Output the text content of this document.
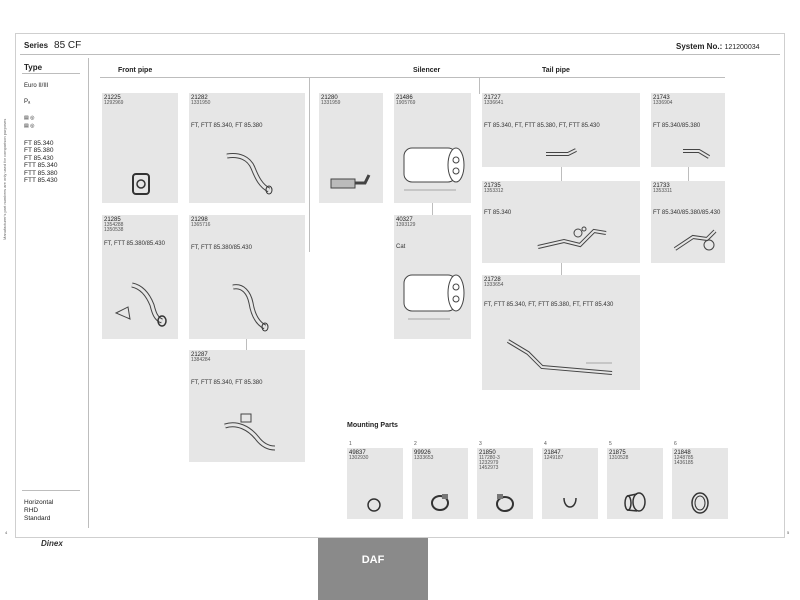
Manufacturer's part numbers are only used for comparison purposes
Series 85 CF	System No.: 121200034
Type
Euro II/III
Pₐ
▤ ◎
▤ ◎
FT 85.340
FT 85.380
FT 85.430
FTT 85.340
FTT 85.380
FTT 85.430
Horizontal
RHD
Standard
Front pipe	Silencer	Tail pipe
21225
1292969
21282
1331950
FT, FTT 85.340, FT 85.380
21280
1331959
21486
1905769
21727
1336641
FT 85.340, FT, FTT 85.380, FT, FTT 85.430
21743
1336904
FT 85.340/85.380
21285
1354288
1350538
FT, FTT 85.380/85.430
21298
1365716
FT, FTT 85.380/85.430
40327
1393129
Cat
21735
1353312
FT 85.340
21733
1353311
FT 85.340/85.380/85.430
21728
1333654
FT, FTT 85.340, FT, FTT 85.380, FT, FTT 85.430
21287
1384284
FT, FTT 85.340, FT 85.380
Mounting Parts
1
49837
1302930
2
99926
1333653
3
21850
117280-3
1232979
1452973
4
21847
1249187
5
21875
1310528
6
21848
1248785
1436185
4	5
Dinex
DAF
